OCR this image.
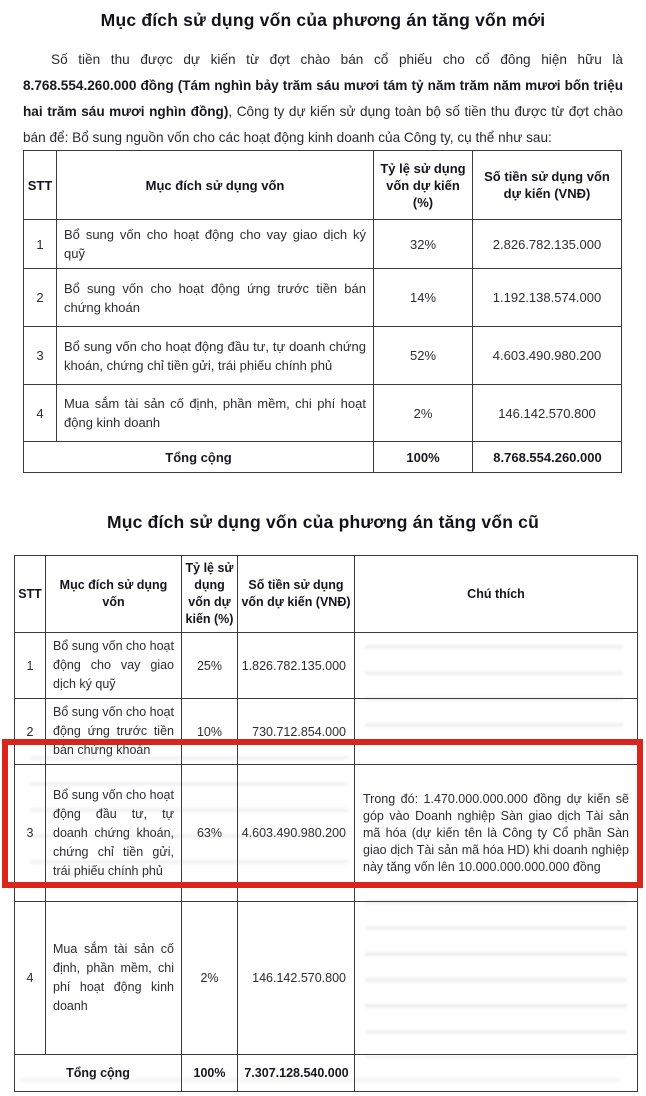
Mục đích sử dụng vốn của phương án tăng vốn mới

Số tiền thu được dự kiến từ đợt chào bán cổ phiếu cho cổ đông hiện hữu là 8.768.554.260.000 đồng (Tám nghìn bảy trăm sáu mươi tám tỷ năm trăm năm mươi bốn triệu hai trăm sáu mươi nghìn đồng), Công ty dự kiến sử dụng toàn bộ số tiền thu được từ đợt chào bán để: Bổ sung nguồn vốn cho các hoạt động kinh doanh của Công ty, cụ thể như sau:

STT	Mục đích sử dụng vốn	Tỷ lệ sử dụng vốn dự kiến (%)	Số tiền sử dụng vốn dự kiến (VNĐ)
1	Bổ sung vốn cho hoạt động cho vay giao dịch ký quỹ	32%	2.826.782.135.000
2	Bổ sung vốn cho hoạt động ứng trước tiền bán chứng khoán	14%	1.192.138.574.000
3	Bổ sung vốn cho hoạt động đầu tư, tự doanh chứng khoán, chứng chỉ tiền gửi, trái phiếu chính phủ	52%	4.603.490.980.200
4	Mua sắm tài sản cố định, phần mềm, chi phí hoạt động kinh doanh	2%	146.142.570.800
Tổng cộng		100%	8.768.554.260.000
Mục đích sử dụng vốn của phương án tăng vốn cũ
STT	Mục đích sử dụng vốn	Tỷ lệ sử dụng vốn dự kiến (%)	Số tiền sử dụng vốn dự kiến (VNĐ)	Chú thích
1	Bổ sung vốn cho hoạt động cho vay giao dịch ký quỹ	25%	1.826.782.135.000	
2	Bổ sung vốn cho hoạt động ứng trước tiền bán chứng khoán	10%	730.712.854.000	
3	Bổ sung vốn cho hoạt động đầu tư, tự doanh chứng khoán, chứng chỉ tiền gửi, trái phiếu chính phủ	63%	4.603.490.980.200	Trong đó: 1.470.000.000.000 đồng dự kiến sẽ góp vào Doanh nghiệp Sàn giao dịch Tài sản mã hóa (dự kiến tên là Công ty Cổ phần Sàn giao dịch Tài sản mã hóa HD) khi doanh nghiệp này tăng vốn lên 10.000.000.000.000 đồng
4	Mua sắm tài sản cố định, phần mềm, chi phí hoạt động kinh doanh	2%	146.142.570.800	
Tổng cộng		100%	7.307.128.540.000	
